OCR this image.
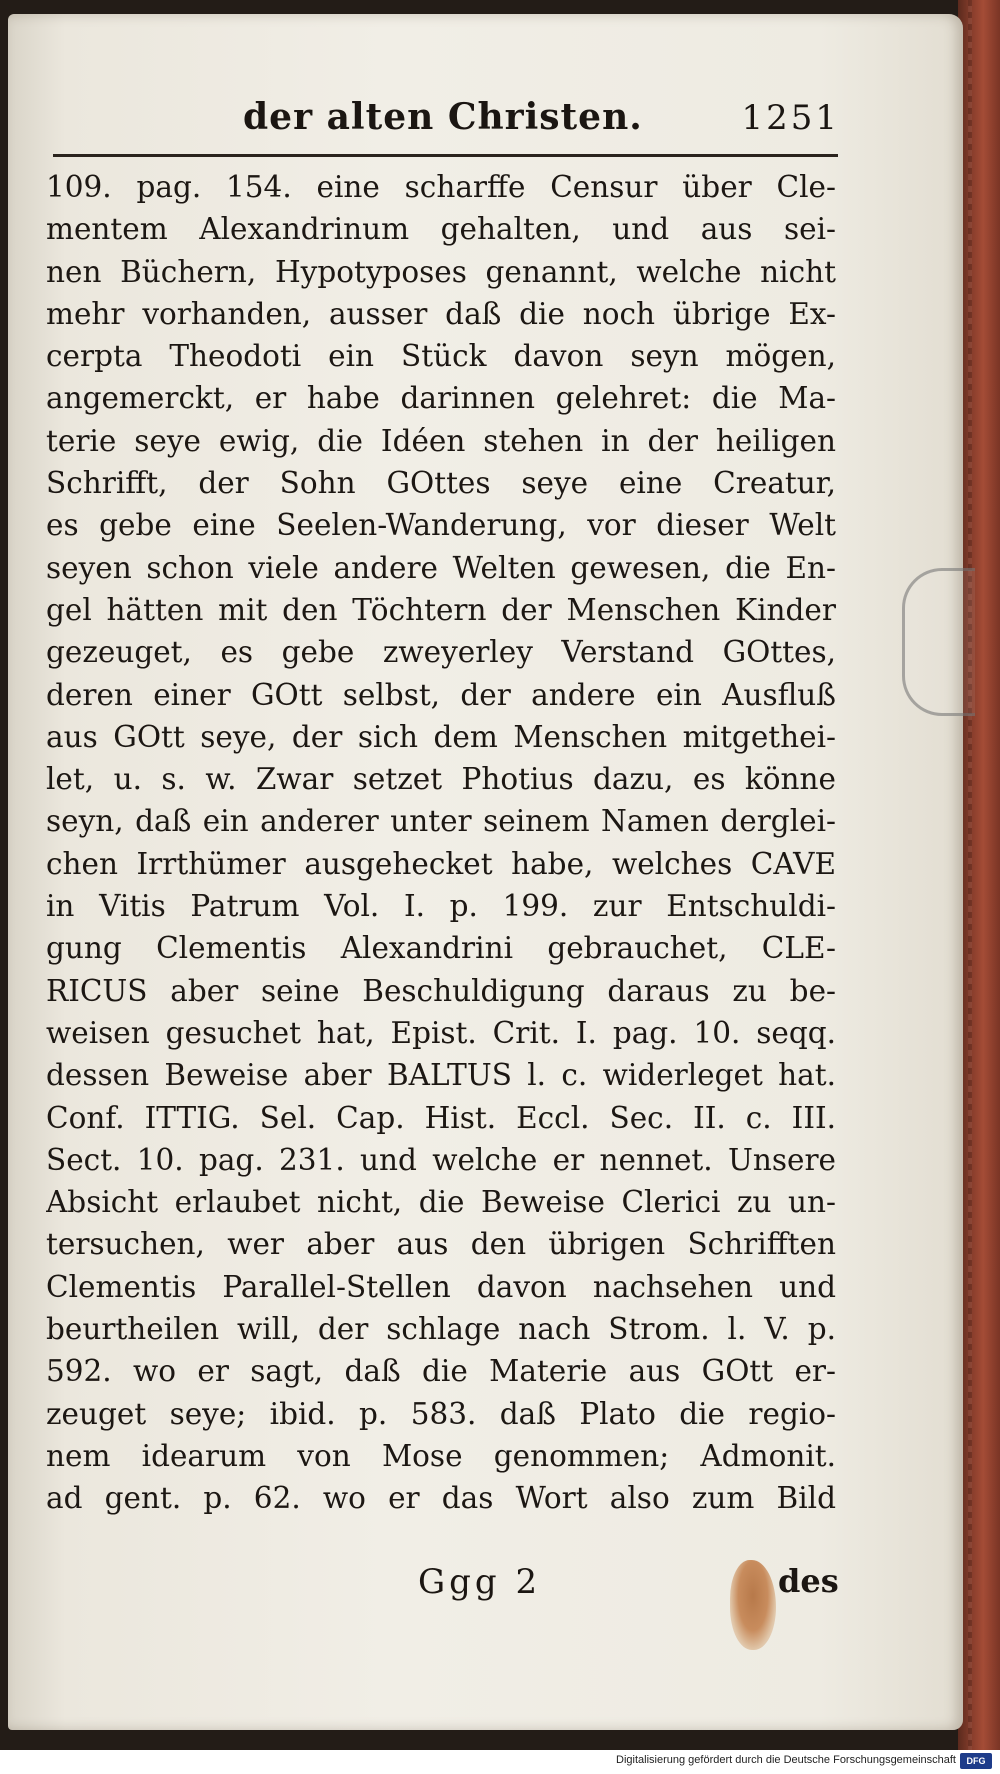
der alten Christen.	1251
109. pag. 154. eine scharffe Censur über Cle-
mentem Alexandrinum gehalten, und aus sei-
nen Büchern, Hypotyposes genannt, welche nicht
mehr vorhanden, ausser daß die noch übrige Ex-
cerpta Theodoti ein Stück davon seyn mögen,
angemerckt, er habe darinnen gelehret: die Ma-
terie seye ewig, die Idéen stehen in der heiligen
Schrifft, der Sohn GOttes seye eine Creatur,
es gebe eine Seelen-Wanderung, vor dieser Welt
seyen schon viele andere Welten gewesen, die En-
gel hätten mit den Töchtern der Menschen Kinder
gezeuget, es gebe zweyerley Verstand GOttes,
deren einer GOtt selbst, der andere ein Ausfluß
aus GOtt seye, der sich dem Menschen mitgethei-
let, u. s. w. Zwar setzet Photius dazu, es könne
seyn, daß ein anderer unter seinem Namen derglei-
chen Irrthümer ausgehecket habe, welches CAVE
in Vitis Patrum Vol. I. p. 199. zur Entschuldi-
gung Clementis Alexandrini gebrauchet, CLE-
RICUS aber seine Beschuldigung daraus zu be-
weisen gesuchet hat, Epist. Crit. I. pag. 10. seqq.
dessen Beweise aber BALTUS l. c. widerleget hat.
Conf. ITTIG. Sel. Cap. Hist. Eccl. Sec. II. c. III.
Sect. 10. pag. 231. und welche er nennet. Unsere
Absicht erlaubet nicht, die Beweise Clerici zu un-
tersuchen, wer aber aus den übrigen Schrifften
Clementis Parallel-Stellen davon nachsehen und
beurtheilen will, der schlage nach Strom. l. V. p.
592. wo er sagt, daß die Materie aus GOtt er-
zeuget seye; ibid. p. 583. daß Plato die regio-
nem idearum von Mose genommen; Admonit.
ad gent. p. 62. wo er das Wort also zum Bild
Ggg 2	des
Digitalisierung gefördert durch die Deutsche Forschungsgemeinschaft	DFG
